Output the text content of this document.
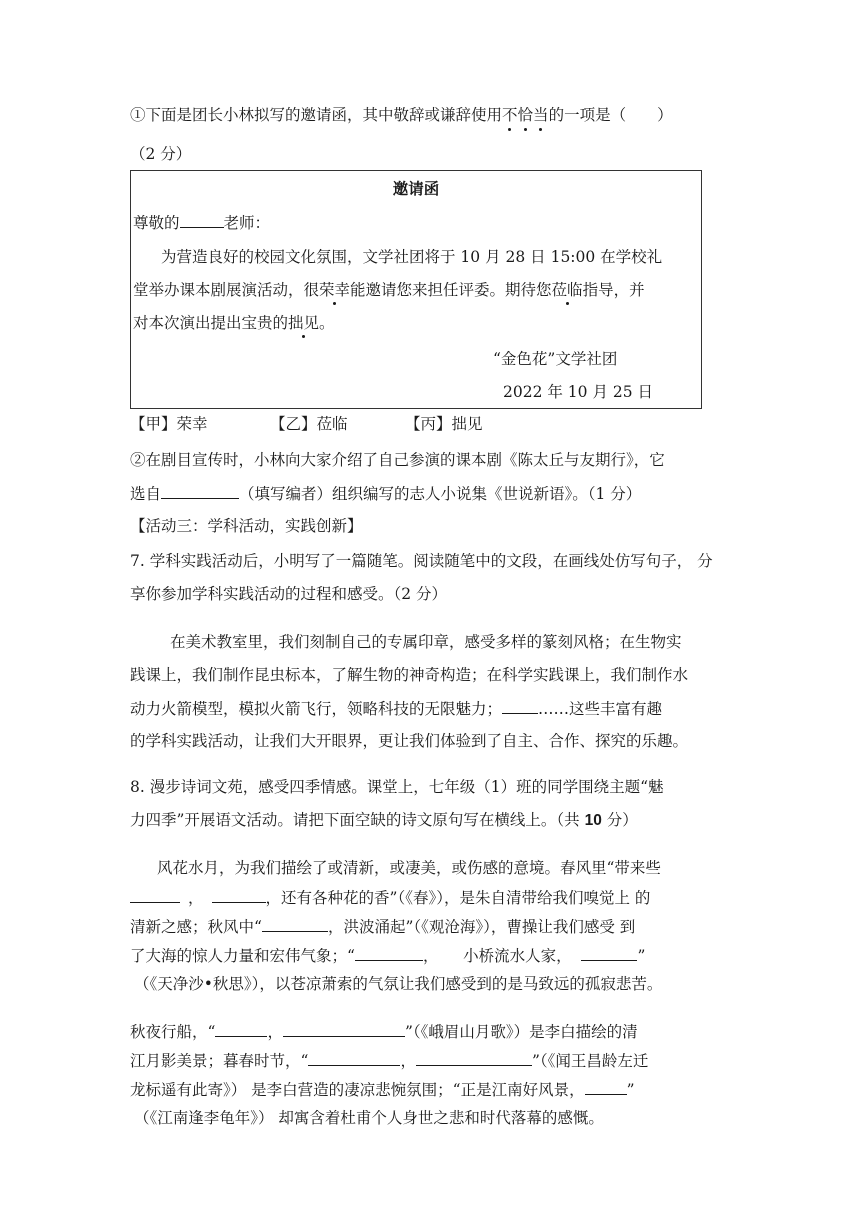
①下面是团长小林拟写的邀请函，其中敬辞或谦辞使用不恰当的一项是（　　）
（2 分）
邀请函
尊敬的	老师：
为营造良好的校园文化氛围，文学社团将于 10 月 28 日 15:00 在学校礼
堂举办课本剧展演活动，很荣幸能邀请您来担任评委。期待您莅临指导，并
对本次演出提出宝贵的拙见。
“金色花”文学社团
2022 年 10 月 25 日
【甲】荣幸	【乙】莅临	【丙】拙见
②在剧目宣传时，小林向大家介绍了自己参演的课本剧《陈太丘与友期行》，它
选自	（填写编者）组织编写的志人小说集《世说新语》。（1 分）
【活动三：学科活动，实践创新】
7. 学科实践活动后，小明写了一篇随笔。阅读随笔中的文段，在画线处仿写句子， 分
享你参加学科实践活动的过程和感受。（2 分）
在美术教室里，我们刻制自己的专属印章，感受多样的篆刻风格；在生物实
践课上，我们制作昆虫标本，了解生物的神奇构造；在科学实践课上，我们制作水
动力火箭模型，模拟火箭飞行，领略科技的无限魅力； ……这些丰富有趣
的学科实践活动，让我们大开眼界，更让我们体验到了自主、合作、探究的乐趣。
8. 漫步诗词文苑，感受四季情感。课堂上，七年级（1）班的同学围绕主题“魅
力四季”开展语文活动。请把下面空缺的诗文原句写在横线上。（共 10 分）
风花水月，为我们描绘了或清新，或凄美，或伤感的意境。春风里“带来些
，	，还有各种花的香”（《春》），是朱自清带给我们嗅觉上 的
清新之感；秋风中“	，洪波涌起”（《观沧海》），曹操让我们感受 到
了大海的惊人力量和宏伟气象；“	，     小桥流水人家，	”
（《天净沙•秋思》），以苍凉萧索的气氛让我们感受到的是马致远的孤寂悲苦。
秋夜行船，“	，	”（《峨眉山月歌》）是李白描绘的清
江月影美景；暮春时节，“	，	”（《闻王昌龄左迁
龙标遥有此寄》） 是李白营造的凄凉悲惋氛围；“正是江南好风景，	”
（《江南逢李龟年》） 却寓含着杜甫个人身世之悲和时代落幕的感慨。
